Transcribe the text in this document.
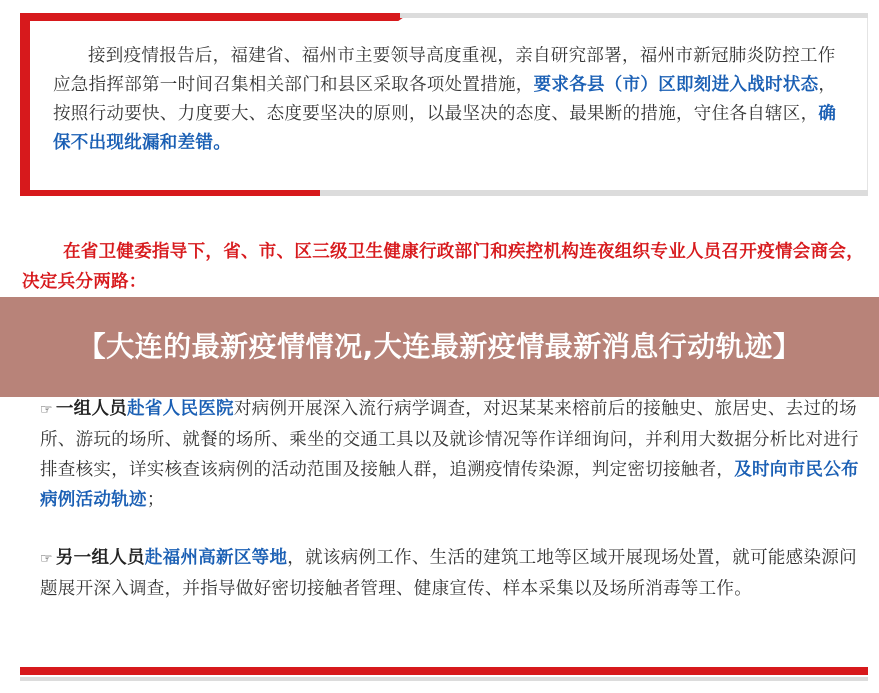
接到疫情报告后，福建省、福州市主要领导高度重视，亲自研究部署，福州市新冠肺炎防控工作应急指挥部第一时间召集相关部门和县区采取各项处置措施，要求各县（市）区即刻进入战时状态，按照行动要快、力度要大、态度要坚决的原则，以最坚决的态度、最果断的措施，守住各自辖区，确保不出现纰漏和差错。
在省卫健委指导下，省、市、区三级卫生健康行政部门和疾控机构连夜组织专业人员召开疫情会商会，决定兵分两路：
【大连的最新疫情情况,大连最新疫情最新消息行动轨迹】
☞ 一组人员赴省人民医院对病例开展深入流行病学调查，对迟某某来榕前后的接触史、旅居史、去过的场所、游玩的场所、就餐的场所、乘坐的交通工具以及就诊情况等作详细询问，并利用大数据分析比对进行排查核实，详实核查该病例的活动范围及接触人群，追溯疫情传染源，判定密切接触者，及时向市民公布病例活动轨迹；
☞ 另一组人员赴福州高新区等地，就该病例工作、生活的建筑工地等区域开展现场处置，就可能感染源问题展开深入调查，并指导做好密切接触者管理、健康宣传、样本采集以及场所消毒等工作。
